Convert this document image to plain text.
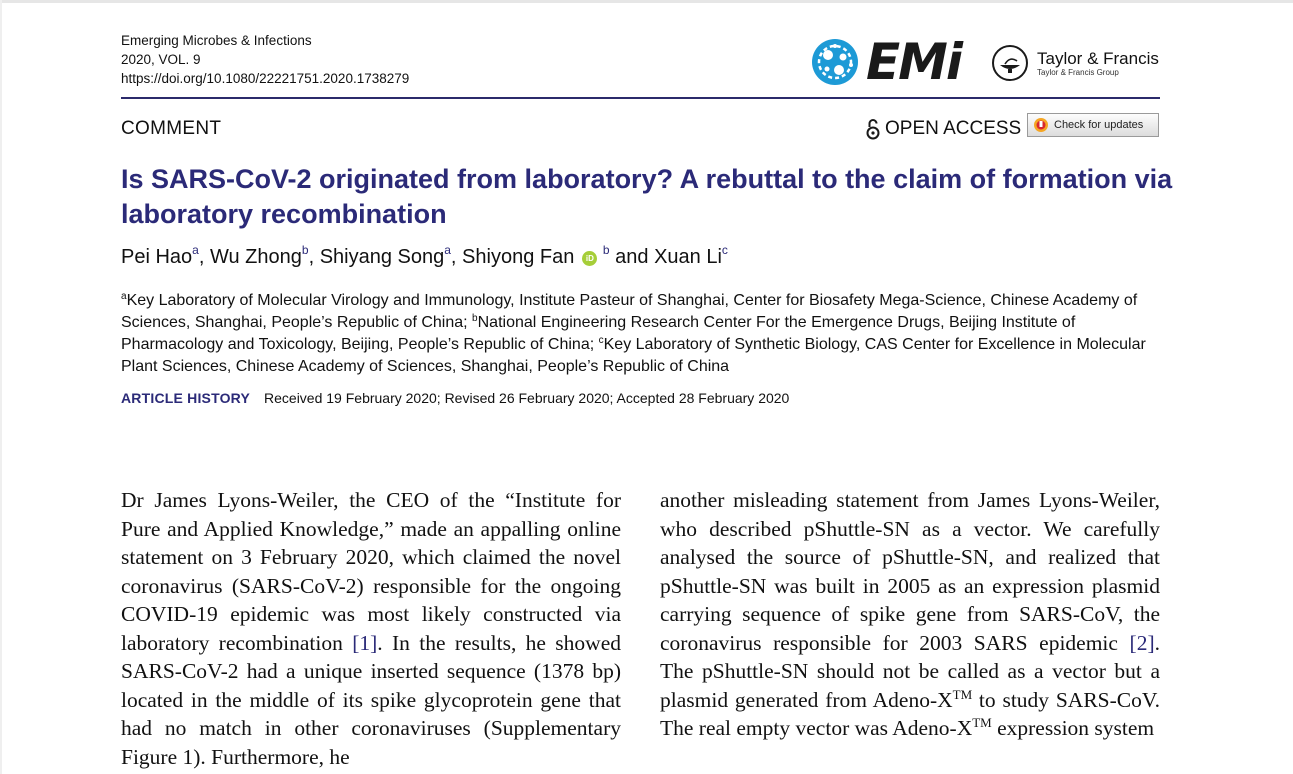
Emerging Microbes & Infections
2020, VOL. 9
https://doi.org/10.1080/22221751.2020.1738279	EMi	Taylor & Francis
Taylor & Francis Group
COMMENT	OPEN ACCESS	Check for updates
Is SARS-CoV-2 originated from laboratory? A rebuttal to the claim of formation via laboratory recombination
Pei Hao$^a$, Wu Zhong$^b$, Shiyang Song$^a$, Shiyong Fan iD $^b$ and Xuan Li$^c$

$^a$Key Laboratory of Molecular Virology and Immunology, Institute Pasteur of Shanghai, Center for Biosafety Mega-Science, Chinese Academy of Sciences, Shanghai, People’s Republic of China; $^b$National Engineering Research Center For the Emergence Drugs, Beijing Institute of Pharmacology and Toxicology, Beijing, People’s Republic of China; $^c$Key Laboratory of Synthetic Biology, CAS Center for Excellence in Molecular Plant Sciences, Chinese Academy of Sciences, Shanghai, People’s Republic of China

ARTICLE HISTORY Received 19 February 2020; Revised 26 February 2020; Accepted 28 February 2020

Dr James Lyons-Weiler, the CEO of the “Institute for Pure and Applied Knowledge,” made an appalling online statement on 3 February 2020, which claimed the novel coronavirus (SARS-CoV-2) responsible for the ongoing COVID-19 epidemic was most likely constructed via laboratory recombination [1]. In the results, he showed SARS-CoV-2 had a unique inserted sequence (1378 bp) located in the middle of its spike glycoprotein gene that had no match in other coronaviruses (Supplementary Figure 1). Furthermore, he

another misleading statement from James Lyons-Weiler, who described pShuttle-SN as a vector. We carefully analysed the source of pShuttle-SN, and realized that pShuttle-SN was built in 2005 as an expression plasmid carrying sequence of spike gene from SARS-CoV, the coronavirus responsible for 2003 SARS epidemic [2]. The pShuttle-SN should not be called as a vector but a plasmid generated from Adeno-X™ to study SARS-CoV. The real empty vector was Adeno-X™ expression system
